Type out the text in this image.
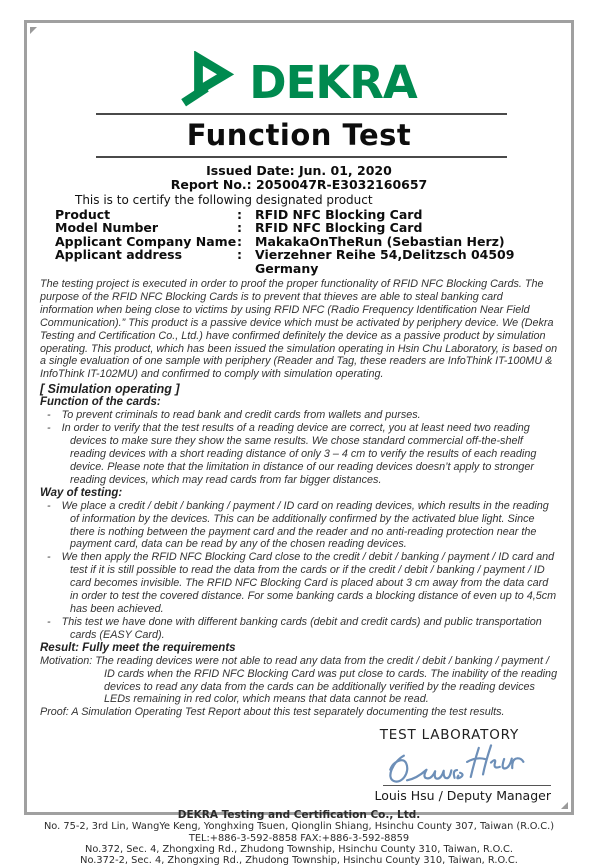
DEKRA
Function Test
Issued Date: Jun. 01, 2020
Report No.: 2050047R-E3032160657
This is to certify the following designated product
Product	:	RFID NFC Blocking Card
Model Number	:	RFID NFC Blocking Card
Applicant Company Name :	MakakaOnTheRun (Sebastian Herz)
Applicant address	:	Vierzehner Reihe 54,Delitzsch 04509 Germany
The testing project is executed in order to proof the proper functionality of RFID NFC Blocking Cards. The purpose of the RFID NFC Blocking Cards is to prevent that thieves are able to steal banking card information when being close to victims by using RFID NFC (Radio Frequency Identification Near Field Communication).” This product is a passive device which must be activated by periphery device. We (Dekra Testing and Certification Co., Ltd.) have confirmed definitely the device as a passive product by simulation operating. This product, which has been issued the simulation operating in Hsin Chu Laboratory, is based on a single evaluation of one sample with periphery (Reader and Tag, these readers are InfoThink IT-100MU & InfoThink IT-102MU) and confirmed to comply with simulation operating.
[ Simulation operating ]
Function of the cards:
- To prevent criminals to read bank and credit cards from wallets and purses.
- In order to verify that the test results of a reading device are correct, you at least need two reading devices to make sure they show the same results. We chose standard commercial off-the-shelf reading devices with a short reading distance of only 3 – 4 cm to verify the results of each reading device. Please note that the limitation in distance of our reading devices doesn’t apply to stronger reading devices, which may read cards from far bigger distances.
Way of testing:
- We place a credit / debit / banking / payment / ID card on reading devices, which results in the reading of information by the devices. This can be additionally confirmed by the activated blue light. Since there is nothing between the payment card and the reader and no anti-reading protection near the payment card, data can be read by any of the chosen reading devices.
- We then apply the RFID NFC Blocking Card close to the credit / debit / banking / payment / ID card and test if it is still possible to read the data from the cards or if the credit / debit / banking / payment / ID card becomes invisible. The RFID NFC Blocking Card is placed about 3 cm away from the data card in order to test the covered distance. For some banking cards a blocking distance of even up to 4,5cm has been achieved.
- This test we have done with different banking cards (debit and credit cards) and public transportation cards (EASY Card).
Result: Fully meet the requirements
Motivation: The reading devices were not able to read any data from the credit / debit / banking / payment / ID cards when the RFID NFC Blocking Card was put close to cards. The inability of the reading devices to read any data from the cards can be additionally verified by the reading devices LEDs remaining in red color, which means that data cannot be read.
Proof: A Simulation Operating Test Report about this test separately documenting the test results.
TEST LABORATORY
Louis Hsu / Deputy Manager
DEKRA Testing and Certification Co., Ltd.
No. 75-2, 3rd Lin, WangYe Keng, Yonghxing Tsuen, Qionglin Shiang, Hsinchu County 307, Taiwan (R.O.C.)
TEL:+886-3-592-8858 FAX:+886-3-592-8859
No.372, Sec. 4, Zhongxing Rd., Zhudong Township, Hsinchu County 310, Taiwan, R.O.C.
No.372-2, Sec. 4, Zhongxing Rd., Zhudong Township, Hsinchu County 310, Taiwan, R.O.C.
